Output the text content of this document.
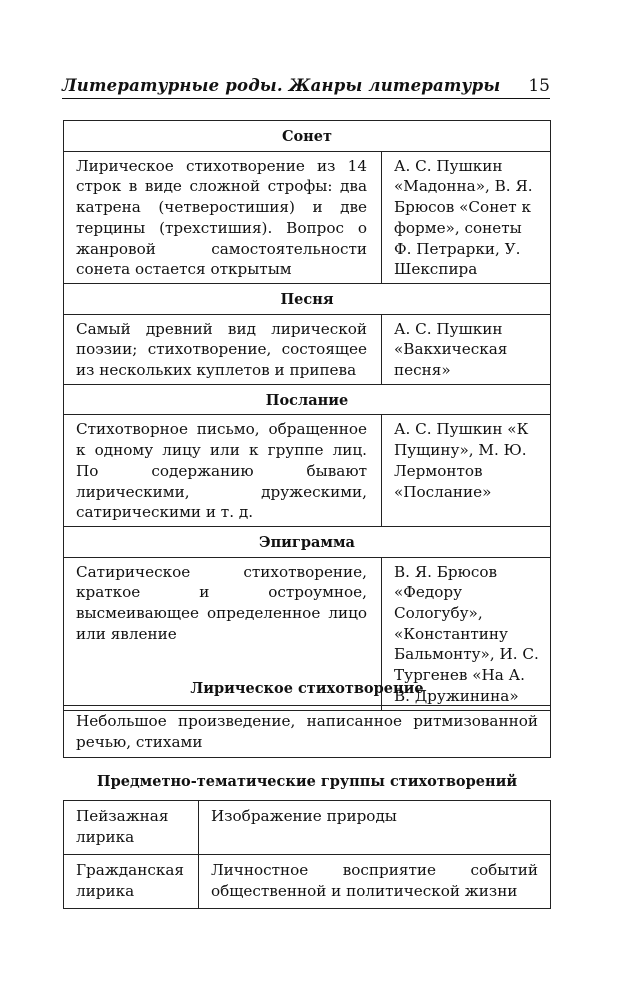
Литературные роды. Жанры литературы 15
Сонет	
Лирическое стихотворение из 14 строк в виде сложной строфы: два катрена (четверостишия) и две терцины (трехстишия). Вопрос о жанровой самостоятельности сонета остается открытым	А. С. Пушкин «Мадонна», В. Я. Брюсов «Сонет к форме», сонеты Ф. Петрарки, У. Шекспира
Песня	
Самый древний вид лирической поэзии; стихотворение, состоящее из нескольких куплетов и припева	А. С. Пушкин «Вакхическая песня»
Послание	
Стихотворное письмо, обращенное к одному лицу или к группе лиц. По содержанию бывают лирическими, дружескими, сатирическими и т. д.	А. С. Пушкин «К Пущину», М. Ю. Лермонтов «Послание»
Эпиграмма	
Сатирическое стихотворение, краткое и остроумное, высмеивающее определенное лицо или явление	В. Я. Брюсов «Федору Сологубу», «Константину Бальмонту», И. С. Тургенев «На А. В. Дружинина»
Лирическое стихотворение
Небольшое произведение, написанное ритмизованной речью, стихами
Предметно-тематические группы стихотворений
Пейзажная лирика	Изображение природы
Гражданская лирика	Личностное восприятие событий общественной и политической жизни
